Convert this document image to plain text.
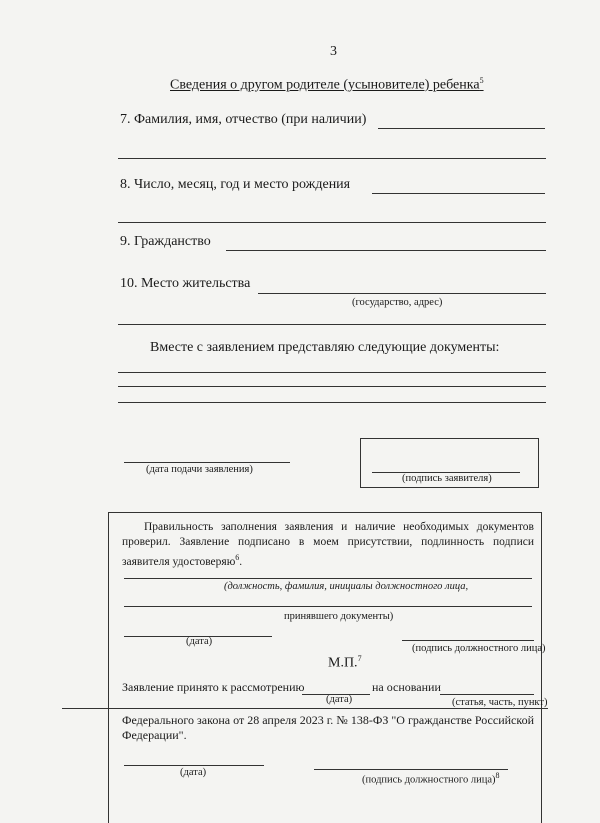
3
Сведения о другом родителе (усыновителе) ребенка$^5$
7. Фамилия, имя, отчество (при наличии)
8. Число, месяц, год и место рождения
9. Гражданство
10. Место жительства
(государство, адрес)
Вместе с заявлением представляю следующие документы:
(дата подачи заявления)
(подпись заявителя)
Правильность заполнения заявления и наличие необходимых документов проверил. Заявление подписано в моем присутствии, подлинность подписи заявителя удостоверяю$^6$.
(должность, фамилия, инициалы должностного лица,
принявшего документы)
(дата)
(подпись должностного лица)
М.П.$^7$
Заявление принято к рассмотрению
(дата)
на основании
(статья, часть, пункт)
Федерального закона от 28 апреля 2023 г. № 138-ФЗ "О гражданстве Российской Федерации".
(дата)
(подпись должностного лица)$^8$
